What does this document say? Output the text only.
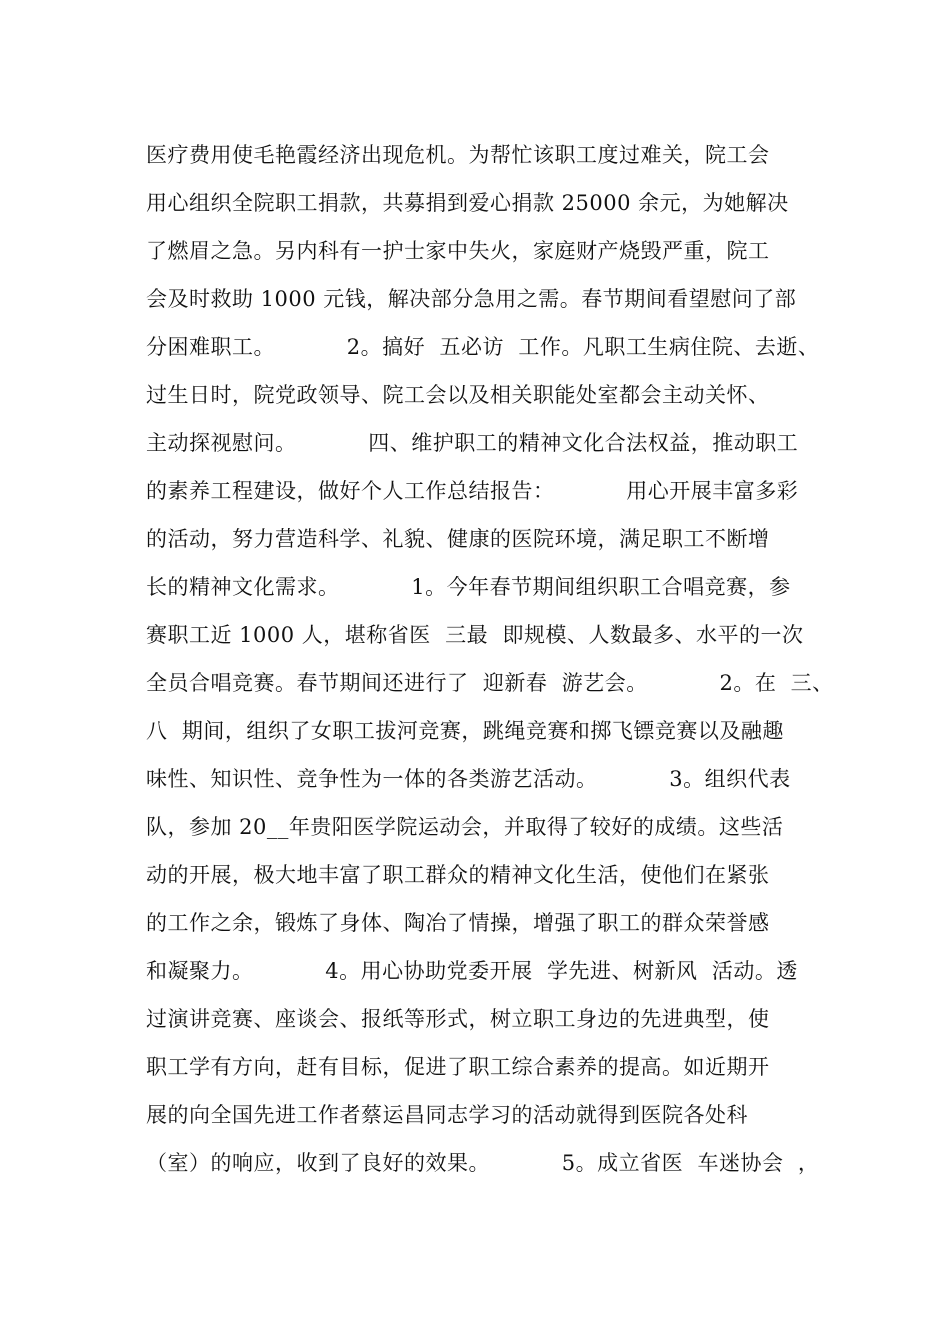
医疗费用使毛艳霞经济出现危机。为帮忙该职工度过难关，院工会
用心组织全院职工捐款，共募捐到爱心捐款 25000 余元，为她解决
了燃眉之急。另内科有一护士家中失火，家庭财产烧毁严重，院工
会及时救助 1000 元钱，解决部分急用之需。春节期间看望慰问了部
分困难职工。          2。搞好  五必访  工作。凡职工生病住院、去逝、
过生日时，院党政领导、院工会以及相关职能处室都会主动关怀、
主动探视慰问。          四、维护职工的精神文化合法权益，推动职工
的素养工程建设，做好个人工作总结报告：          用心开展丰富多彩
的活动，努力营造科学、礼貌、健康的医院环境，满足职工不断增
长的精神文化需求。          1。今年春节期间组织职工合唱竞赛，参
赛职工近 1000 人，堪称省医  三最  即规模、人数最多、水平的一次
全员合唱竞赛。春节期间还进行了  迎新春  游艺会。          2。在  三、
八  期间，组织了女职工拔河竞赛，跳绳竞赛和掷飞镖竞赛以及融趣
味性、知识性、竞争性为一体的各类游艺活动。          3。组织代表
队，参加 20__年贵阳医学院运动会，并取得了较好的成绩。这些活
动的开展，极大地丰富了职工群众的精神文化生活，使他们在紧张
的工作之余，锻炼了身体、陶冶了情操，增强了职工的群众荣誉感
和凝聚力。          4。用心协助党委开展  学先进、树新风  活动。透
过演讲竞赛、座谈会、报纸等形式，树立职工身边的先进典型，使
职工学有方向，赶有目标，促进了职工综合素养的提高。如近期开
展的向全国先进工作者蔡运昌同志学习的活动就得到医院各处科
（室）的响应，收到了良好的效果。          5。成立省医  车迷协会  ，
